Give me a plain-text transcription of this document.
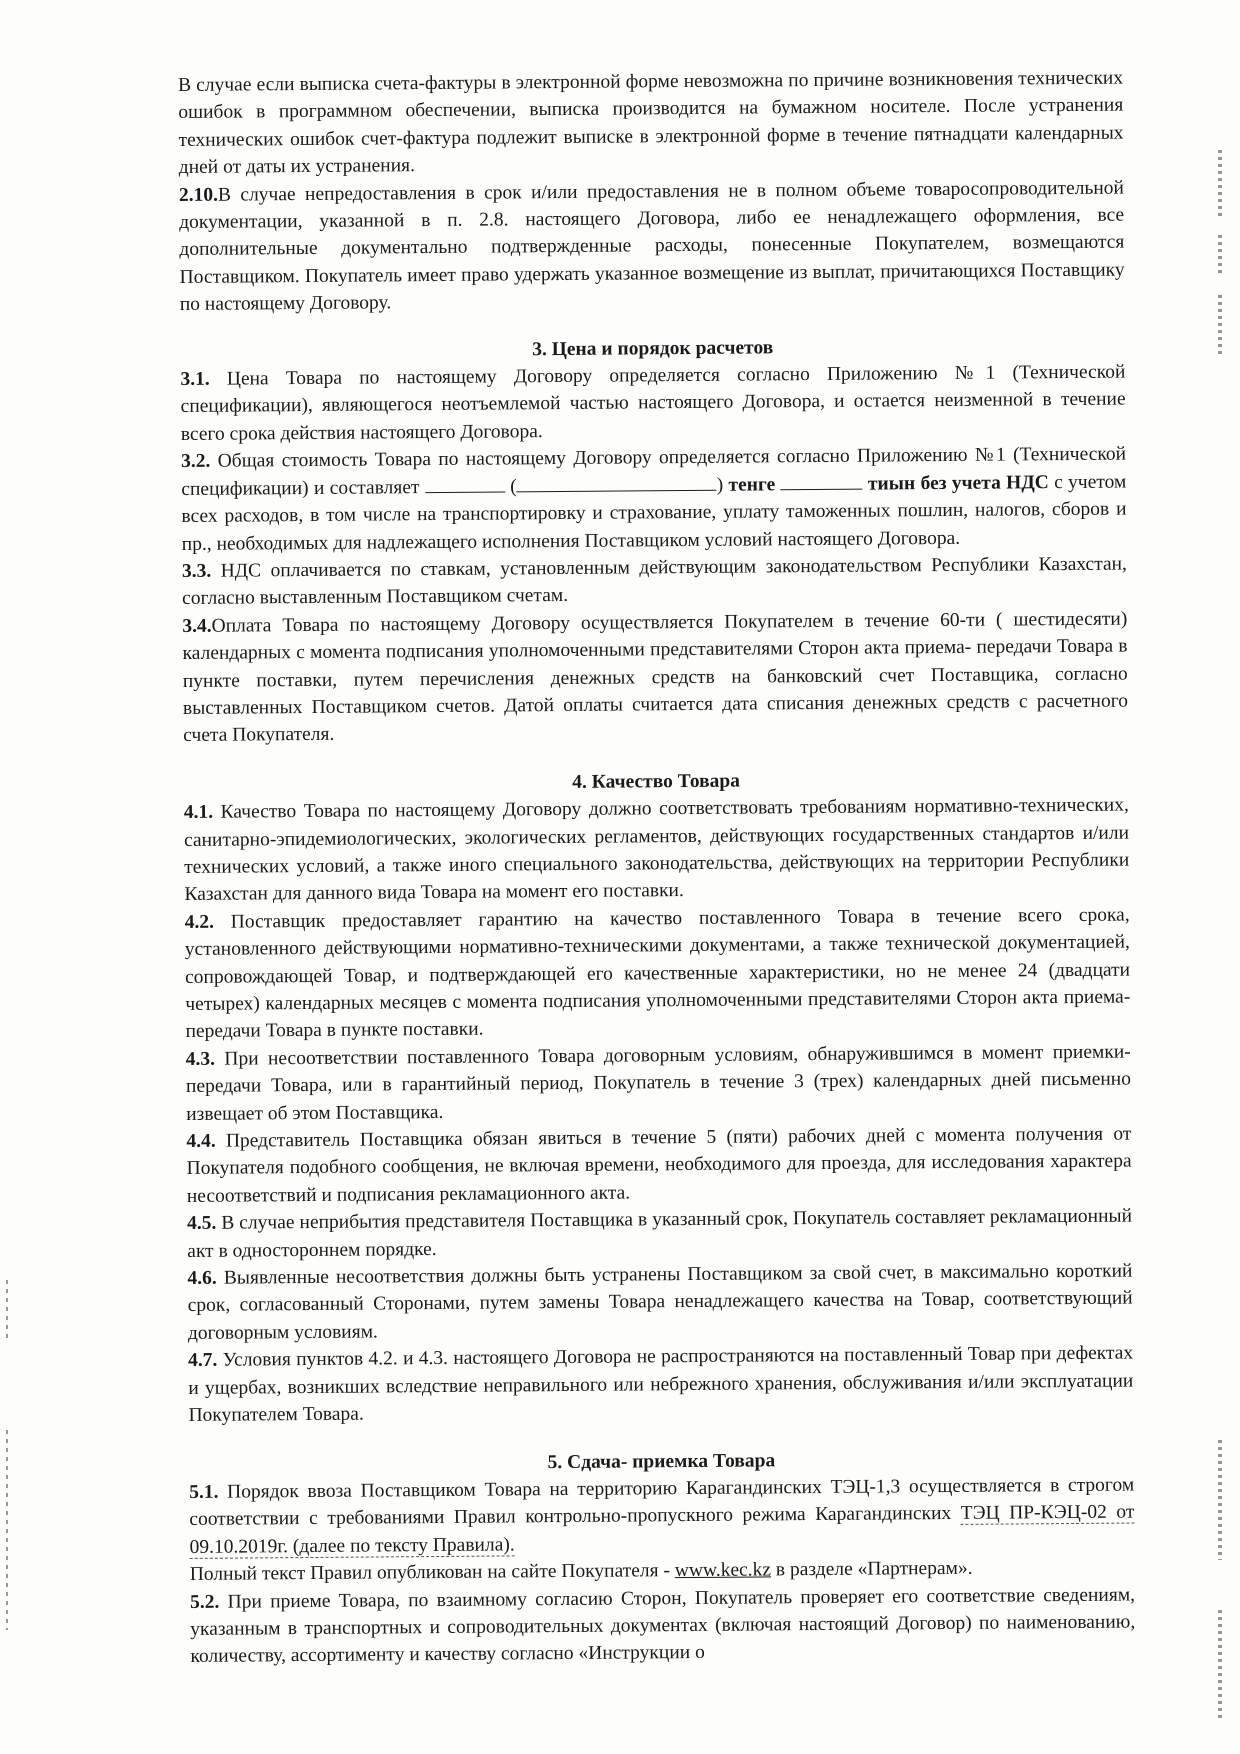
В случае если выписка счета-фактуры в электронной форме невозможна по причине возникновения технических ошибок в программном обеспечении, выписка производится на бумажном носителе. После устранения технических ошибок счет-фактура подлежит выписке в электронной форме в течение пятнадцати календарных дней от даты их устранения.

2.10.В случае непредоставления в срок и/или предоставления не в полном объеме товаросопроводительной документации, указанной в п. 2.8. настоящего Договора, либо ее ненадлежащего оформления, все дополнительные документально подтвержденные расходы, понесенные Покупателем, возмещаются Поставщиком. Покупатель имеет право удержать указанное возмещение из выплат, причитающихся Поставщику по настоящему Договору.

3. Цена и порядок расчетов

3.1. Цена Товара по настоящему Договору определяется согласно Приложению №1 (Технической спецификации), являющегося неотъемлемой частью настоящего Договора, и остается неизменной в течение всего срока действия настоящего Договора.

3.2. Общая стоимость Товара по настоящему Договору определяется согласно Приложению №1 (Технической спецификации) и составляет	(	) тенге	тиын без учета НДС с учетом всех расходов, в том числе на транспортировку и страхование, уплату таможенных пошлин, налогов, сборов и пр., необходимых для надлежащего исполнения Поставщиком условий настоящего Договора.

3.3. НДС оплачивается по ставкам, установленным действующим законодательством Республики Казахстан, согласно выставленным Поставщиком счетам.

3.4.Оплата Товара по настоящему Договору осуществляется Покупателем в течение 60-ти ( шестидесяти) календарных с момента подписания уполномоченными представителями Сторон акта приема- передачи Товара в пункте поставки, путем перечисления денежных средств на банковский счет Поставщика, согласно выставленных Поставщиком счетов. Датой оплаты считается дата списания денежных средств с расчетного счета Покупателя.

4. Качество Товара

4.1. Качество Товара по настоящему Договору должно соответствовать требованиям нормативно-технических, санитарно-эпидемиологических, экологических регламентов, действующих государственных стандартов и/или технических условий, а также иного специального законодательства, действующих на территории Республики Казахстан для данного вида Товара на момент его поставки.

4.2. Поставщик предоставляет гарантию на качество поставленного Товара в течение всего срока, установленного действующими нормативно-техническими документами, а также технической документацией, сопровождающей Товар, и подтверждающей его качественные характеристики, но не менее 24 (двадцати четырех) календарных месяцев с момента подписания уполномоченными представителями Сторон акта приема-передачи Товара в пункте поставки.

4.3. При несоответствии поставленного Товара договорным условиям, обнаружившимся в момент приемки-передачи Товара, или в гарантийный период, Покупатель в течение 3 (трех) календарных дней письменно извещает об этом Поставщика.

4.4. Представитель Поставщика обязан явиться в течение 5 (пяти) рабочих дней с момента получения от Покупателя подобного сообщения, не включая времени, необходимого для проезда, для исследования характера несоответствий и подписания рекламационного акта.

4.5. В случае неприбытия представителя Поставщика в указанный срок, Покупатель составляет рекламационный акт в одностороннем порядке.

4.6. Выявленные несоответствия должны быть устранены Поставщиком за свой счет, в максимально короткий срок, согласованный Сторонами, путем замены Товара ненадлежащего качества на Товар, соответствующий договорным условиям.

4.7. Условия пунктов 4.2. и 4.3. настоящего Договора не распространяются на поставленный Товар при дефектах и ущербах, возникших вследствие неправильного или небрежного хранения, обслуживания и/или эксплуатации Покупателем Товара.

5. Сдача- приемка Товара

5.1. Порядок ввоза Поставщиком Товара на территорию Карагандинских ТЭЦ-1,3 осуществляется в строгом соответствии с требованиями Правил контрольно-пропускного режима Карагандинских ТЭЦ ПР-КЭЦ-02 от 09.10.2019г. (далее по тексту Правила).

Полный текст Правил опубликован на сайте Покупателя - www.kec.kz в разделе «Партнерам».

5.2. При приеме Товара, по взаимному согласию Сторон, Покупатель проверяет его соответствие сведениям, указанным в транспортных и сопроводительных документах (включая настоящий Договор) по наименованию, количеству, ассортименту и качеству согласно «Инструкции о
